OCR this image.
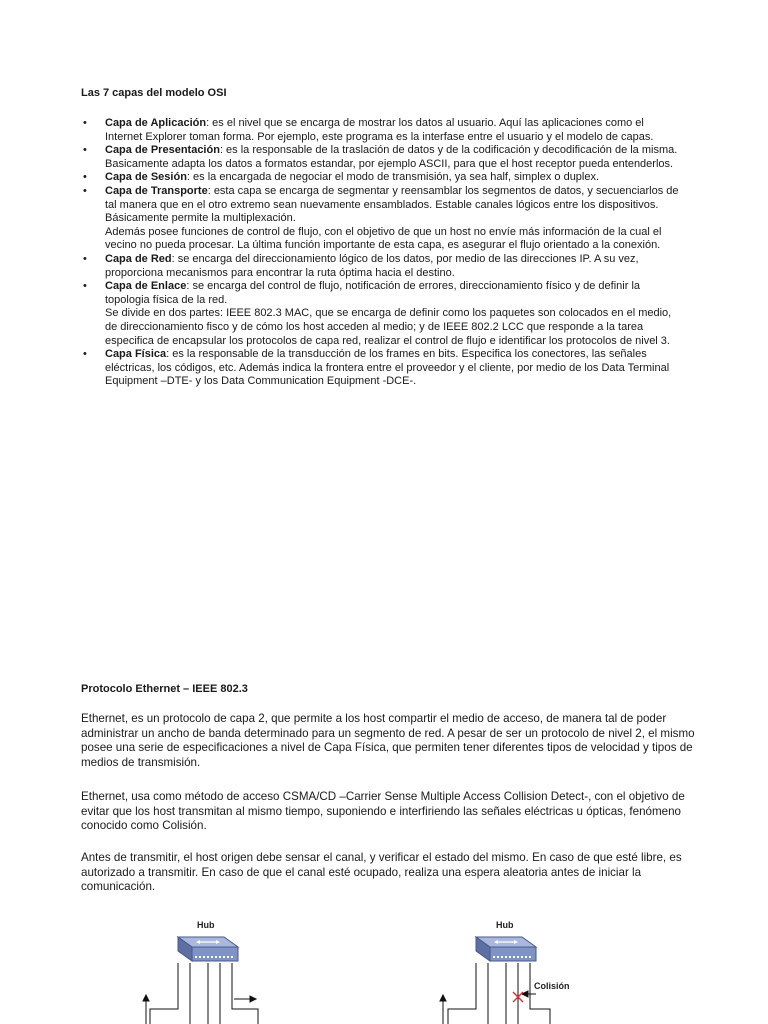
Las 7 capas del modelo OSI
• Capa de Aplicación: es el nivel que se encarga de mostrar los datos al usuario. Aquí las aplicaciones como el Internet Explorer toman forma. Por ejemplo, este programa es la interfase entre el usuario y el modelo de capas.
• Capa de Presentación: es la responsable de la traslación de datos y de la codificación y decodificación de la misma. Basicamente adapta los datos a formatos estandar, por ejemplo ASCII, para que el host receptor pueda entenderlos.
• Capa de Sesión: es la encargada de negociar el modo de transmisión, ya sea half, simplex o duplex.
• Capa de Transporte: esta capa se encarga de segmentar y reensamblar los segmentos de datos, y secuenciarlos de tal manera que en el otro extremo sean nuevamente ensamblados. Estable canales lógicos entre los dispositivos. Básicamente permite la multiplexación.
Además posee funciones de control de flujo, con el objetivo de que un host no envíe más información de la cual el vecino no pueda procesar. La última función importante de esta capa, es asegurar el flujo orientado a la conexión.
• Capa de Red: se encarga del direccionamiento lógico de los datos, por medio de las direcciones IP. A su vez, proporciona mecanismos para encontrar la ruta óptima hacia el destino.
• Capa de Enlace: se encarga del control de flujo, notificación de errores, direccionamiento físico y de definir la topologia física de la red.
Se divide en dos partes: IEEE 802.3 MAC, que se encarga de definir como los paquetes son colocados en el medio, de direccionamiento fisco y de cómo los host acceden al medio; y de IEEE 802.2 LCC que responde a la tarea especifica de encapsular los protocolos de capa red, realizar el control de flujo e identificar los protocolos de nivel 3.
• Capa Física: es la responsable de la transducción de los frames en bits. Especifica los conectores, las señales eléctricas, los códigos, etc. Además indica la frontera entre el proveedor y el cliente, por medio de los Data Terminal Equipment –DTE- y los Data Communication Equipment -DCE-.
Protocolo Ethernet – IEEE 802.3

Ethernet, es un protocolo de capa 2, que permite a los host compartir el medio de acceso, de manera tal de poder administrar un ancho de banda determinado para un segmento de red. A pesar de ser un protocolo de nivel 2, el mismo posee una serie de especificaciones a nivel de Capa Física, que permiten tener diferentes tipos de velocidad y tipos de medios de transmisión.

Ethernet, usa como método de acceso CSMA/CD –Carrier Sense Multiple Access Collision Detect-, con el objetivo de evitar que los host transmitan al mismo tiempo, suponiendo e interfiriendo las señales eléctricas u ópticas, fenómeno conocido como Colisión.

Antes de transmitir, el host origen debe sensar el canal, y verificar el estado del mismo. En caso de que esté libre, es autorizado a transmitir. En caso de que el canal esté ocupado, realiza una espera aleatoria antes de iniciar la comunicación.

Hub	Hub
Colisión
